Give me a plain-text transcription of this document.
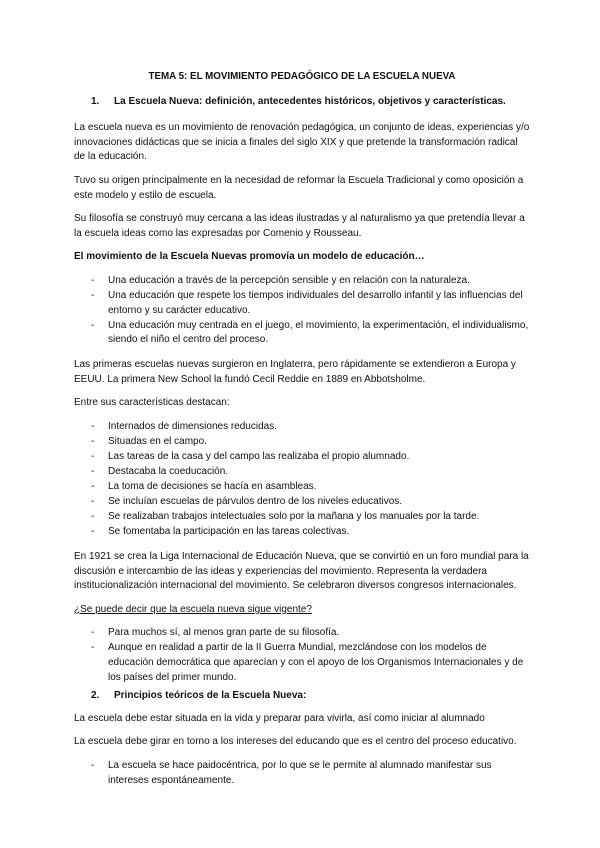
TEMA 5: EL MOVIMIENTO PEDAGÓGICO DE LA ESCUELA NUEVA
1.	La Escuela Nueva: definición, antecedentes históricos, objetivos y características.

La escuela nueva es un movimiento de renovación pedagógica, un conjunto de ideas, experiencias y/o innovaciones didácticas que se inicia a finales del siglo XIX y que pretende la transformación radical de la educación.

Tuvo su origen principalmente en la necesidad de reformar la Escuela Tradicional y como oposición a este modelo y estilo de escuela.

Su filosofía se construyó muy cercana a las ideas ilustradas y al naturalismo ya que pretendía llevar a la escuela ideas como las expresadas por Comenio y Rousseau.

El movimiento de la Escuela Nuevas promovía un modelo de educación…

-	Una educación a través de la percepción sensible y en relación con la naturaleza.
-	Una educación que respete los tiempos individuales del desarrollo infantil y las influencias del entorno y su carácter educativo.
-	Una educación muy centrada en el juego, el movimiento, la experimentación, el individualismo, siendo el niño el centro del proceso.

Las primeras escuelas nuevas surgieron en Inglaterra, pero rápidamente se extendieron a Europa y EEUU. La primera New School la fundó Cecil Reddie en 1889 en Abbotsholme.

Entre sus características destacan:

-	Internados de dimensiones reducidas.
-	Situadas en el campo.
-	Las tareas de la casa y del campo las realizaba el propio alumnado.
-	Destacaba la coeducación.
-	La toma de decisiones se hacía en asambleas.
-	Se incluían escuelas de párvulos dentro de los niveles educativos.
-	Se realizaban trabajos intelectuales solo por la mañana y los manuales por la tarde.
-	Se fomentaba la participación en las tareas colectivas.

En 1921 se crea la Liga Internacional de Educación Nueva, que se convirtió en un foro mundial para la discusión e intercambio de las ideas y experiencias del movimiento. Representa la verdadera institucionalización internacional del movimiento. Se celebraron diversos congresos internacionales.

¿Se puede decir que la escuela nueva sigue vigente?

-	Para muchos sí, al menos gran parte de su filosofía.
-	Aunque en realidad a partir de la II Guerra Mundial, mezclándose con los modelos de educación democrática que aparecían y con el apoyo de los Organismos Internacionales y de los países del primer mundo.
2.	Principios teóricos de la Escuela Nueva:

La escuela debe estar situada en la vida y preparar para vivirla, así como iniciar al alumnado

La escuela debe girar en torno a los intereses del educando que es el centro del proceso educativo.

-	La escuela se hace paidocéntrica, por lo que se le permite al alumnado manifestar sus intereses espontáneamente.
